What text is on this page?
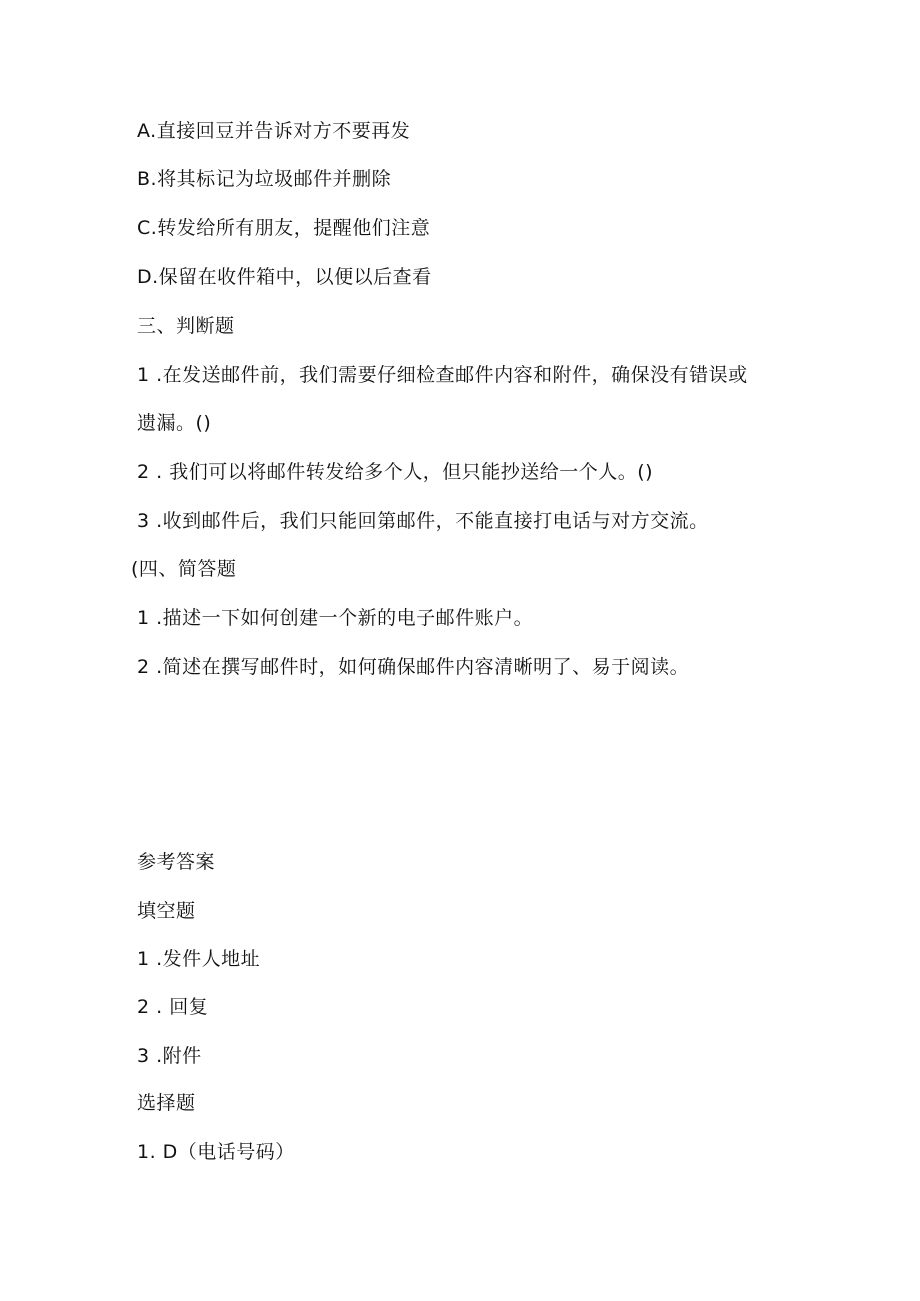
A.直接回豆并告诉对方不要再发
B.将其标记为垃圾邮件并删除
C.转发给所有朋友，提醒他们注意
D.保留在收件箱中，以便以后查看
三、判断题
1 .在发送邮件前，我们需要仔细检查邮件内容和附件，确保没有错误或
遗漏。()
2 . 我们可以将邮件转发给多个人，但只能抄送给一个人。()
3 .收到邮件后，我们只能回第邮件，不能直接打电话与对方交流。
(四、简答题
1 .描述一下如何创建一个新的电子邮件账户。
2 .简述在撰写邮件时，如何确保邮件内容清晰明了、易于阅读。
参考答案
填空题
1 .发件人地址
2 . 回复
3 .附件
选择题
1. D（电话号码）
